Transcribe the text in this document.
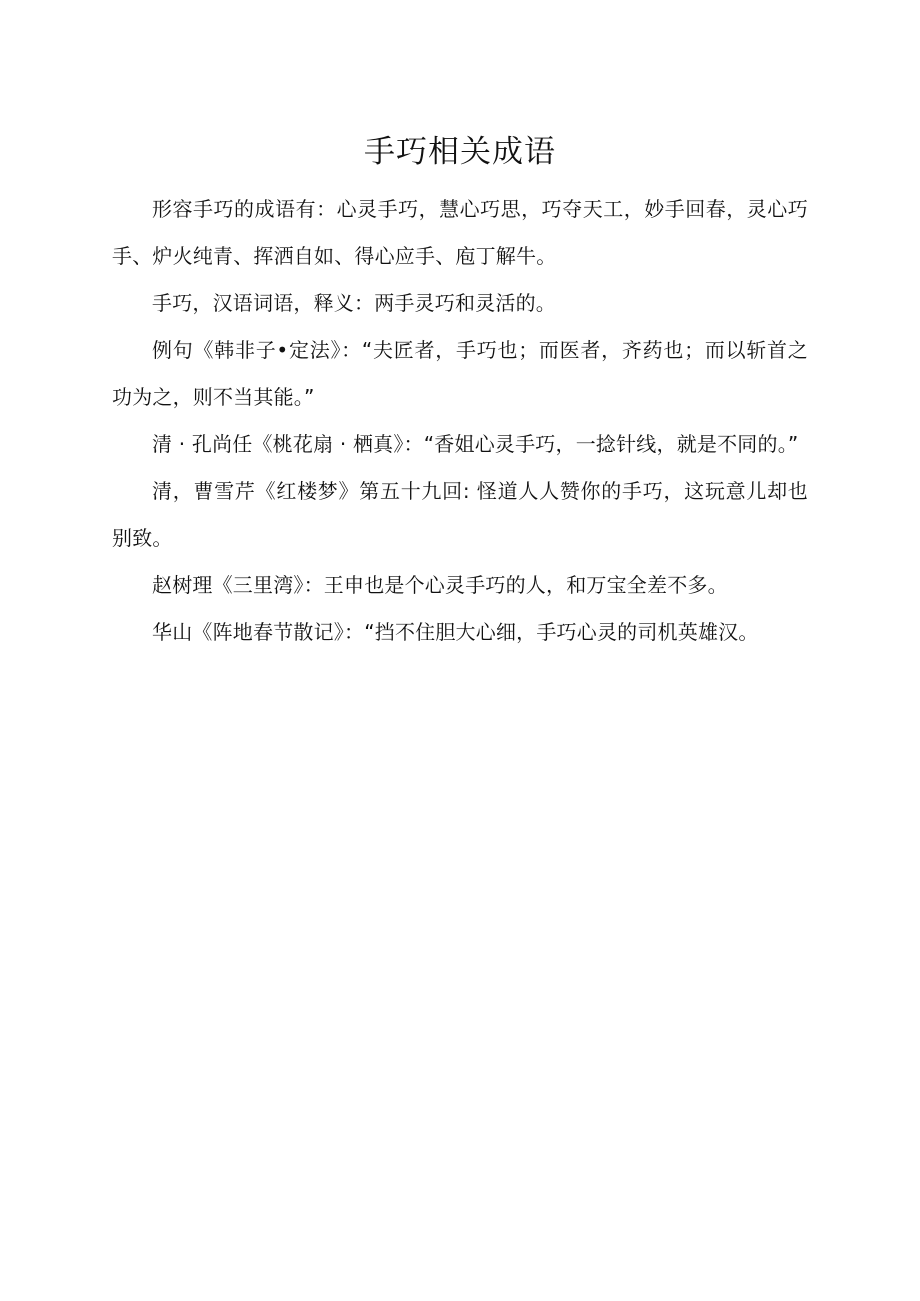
手巧相关成语

形容手巧的成语有：心灵手巧，慧心巧思，巧夺天工，妙手回春，灵心巧手、炉火纯青、挥洒自如、得心应手、庖丁解牛。

手巧，汉语词语，释义：两手灵巧和灵活的。

例句《韩非子•定法》：“夫匠者，手巧也；而医者，齐药也；而以斩首之功为之，则不当其能。”

清 · 孔尚任《桃花扇 · 栖真》：“香姐心灵手巧，一捻针线，就是不同的。”

清，曹雪芹《红楼梦》第五十九回: 怪道人人赞你的手巧，这玩意儿却也别致。

赵树理《三里湾》：王申也是个心灵手巧的人，和万宝全差不多。

华山《阵地春节散记》：“挡不住胆大心细，手巧心灵的司机英雄汉。
